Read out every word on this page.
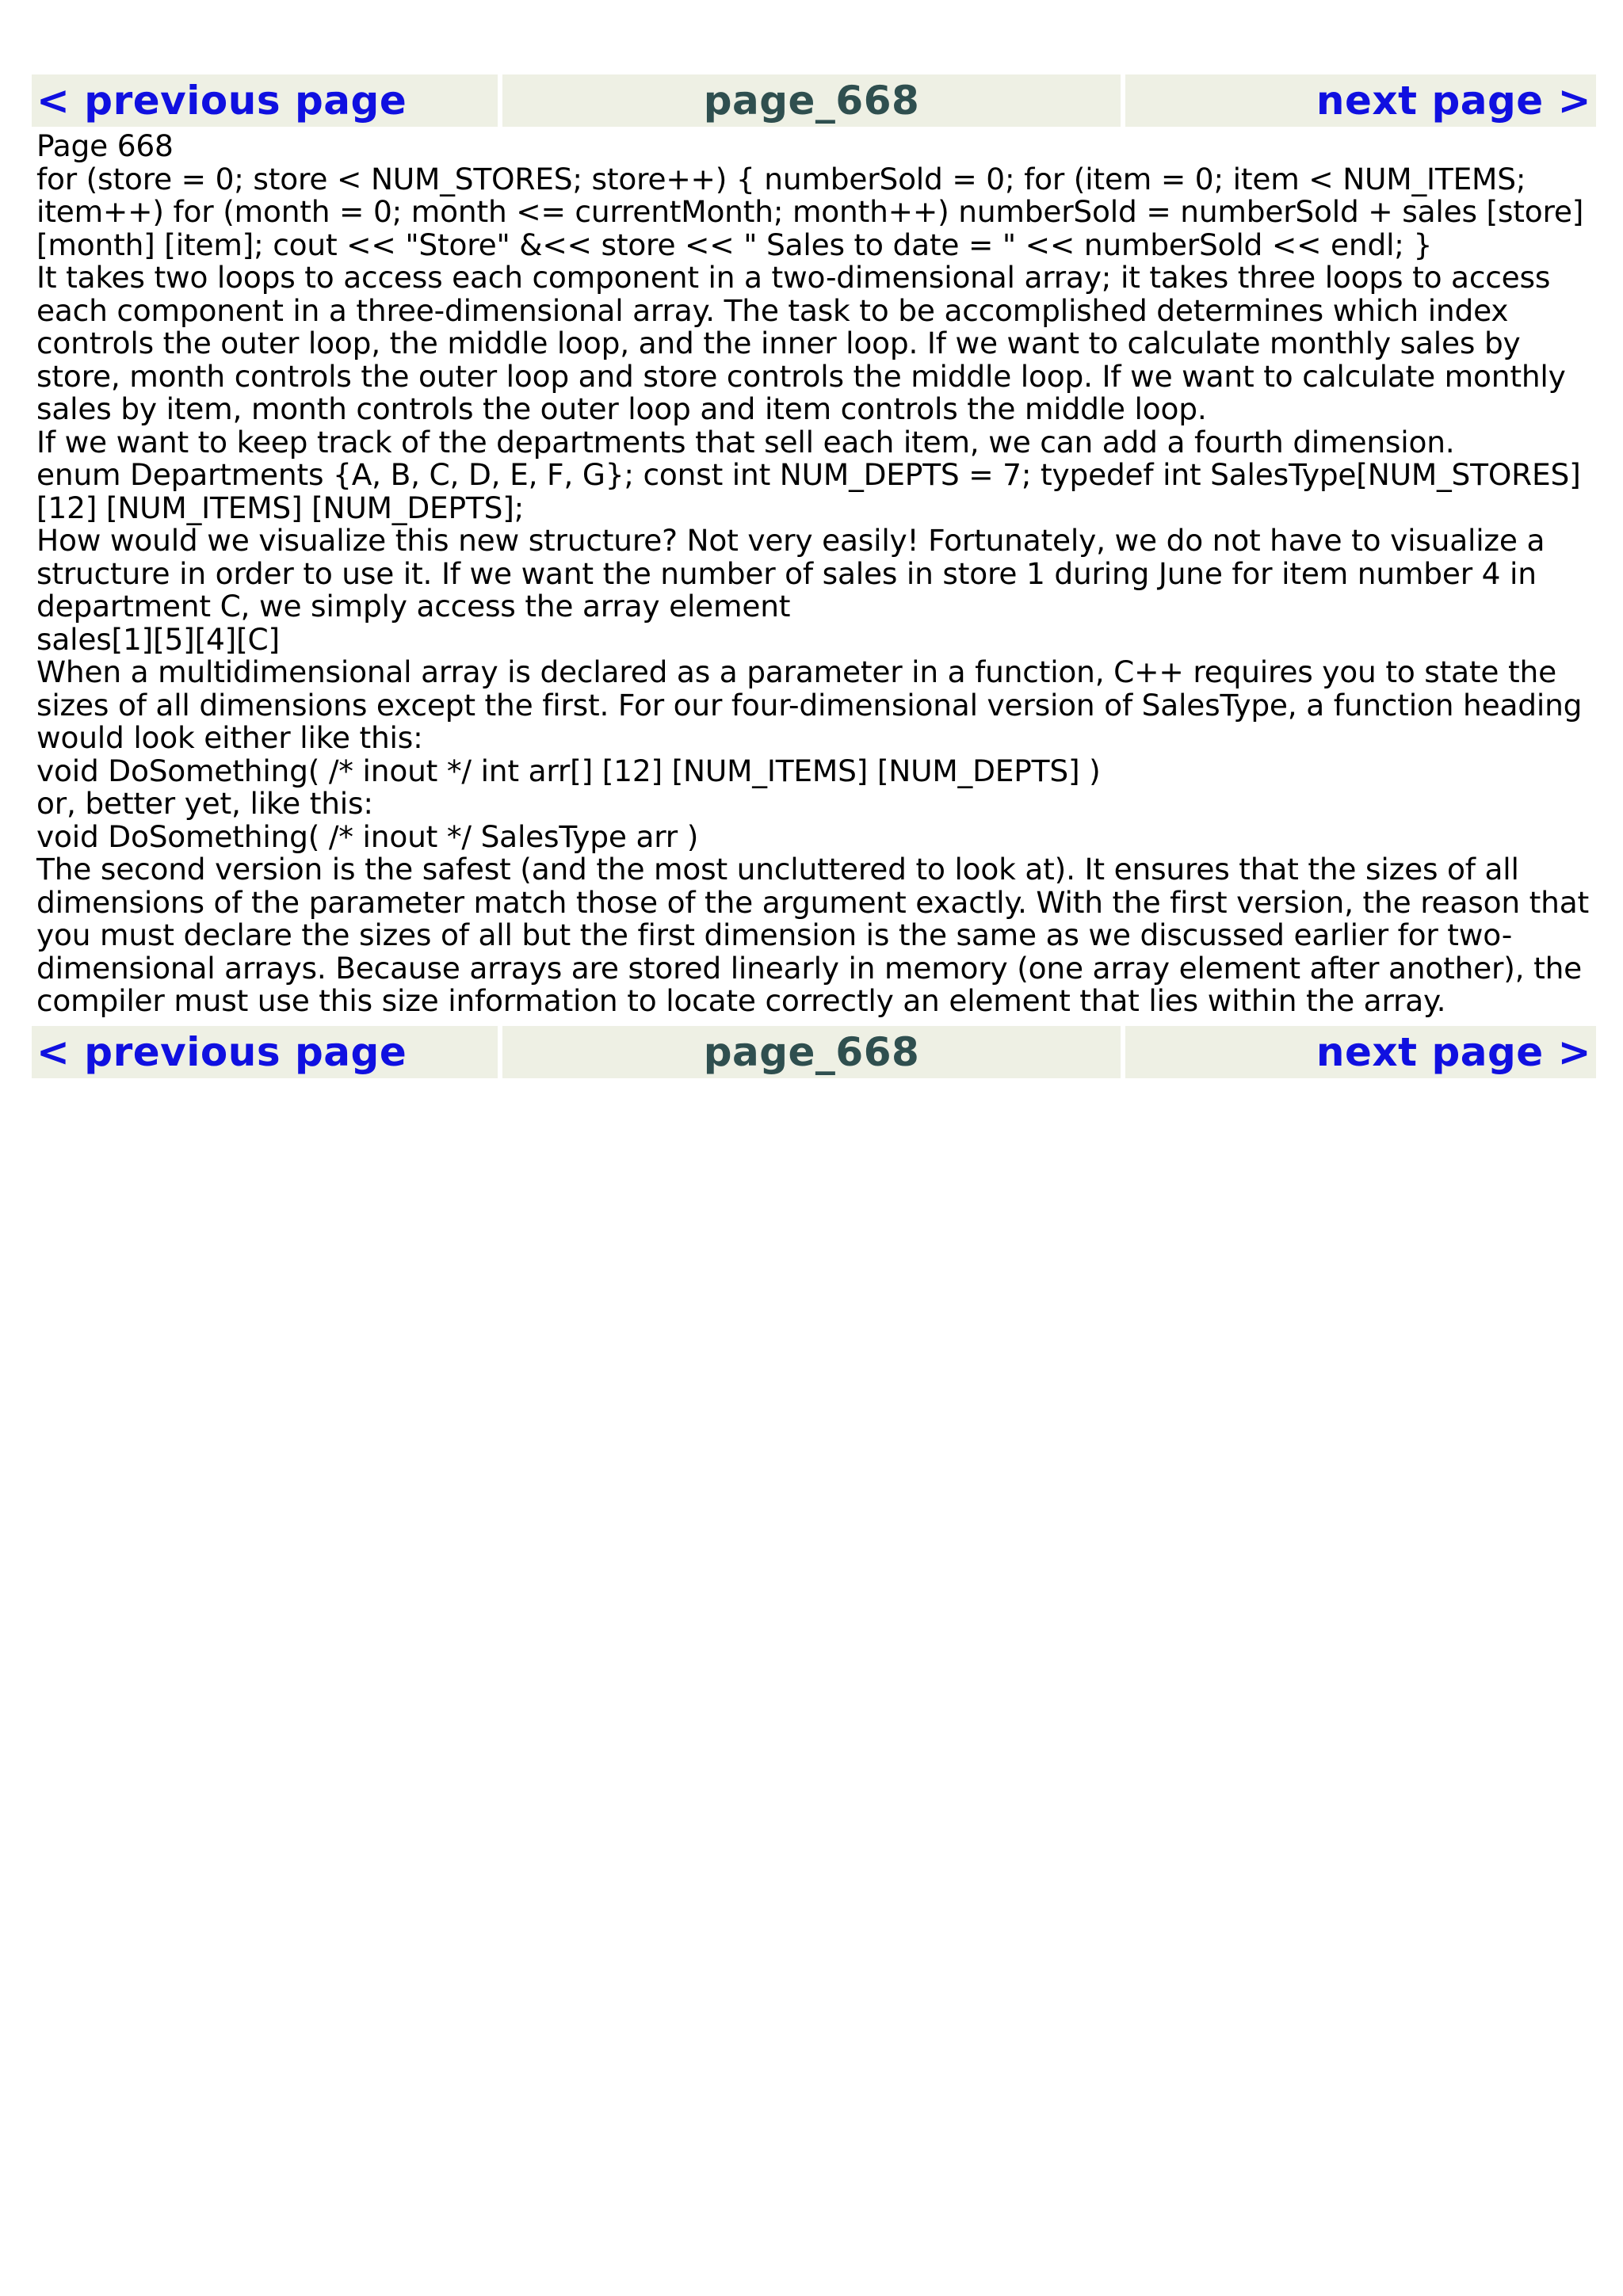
< previous page	page_668	next page >

Page 668

for (store = 0; store < NUM_STORES; store++) { numberSold = 0; for (item = 0; item < NUM_ITEMS; item++) for (month = 0; month <= currentMonth; month++) numberSold = numberSold + sales [store] [month] [item]; cout << "Store" &<< store << " Sales to date = " << numberSold << endl; }

It takes two loops to access each component in a two-dimensional array; it takes three loops to access each component in a three-dimensional array. The task to be accomplished determines which index controls the outer loop, the middle loop, and the inner loop. If we want to calculate monthly sales by store, month controls the outer loop and store controls the middle loop. If we want to calculate monthly sales by item, month controls the outer loop and item controls the middle loop.

If we want to keep track of the departments that sell each item, we can add a fourth dimension.

enum Departments {A, B, C, D, E, F, G}; const int NUM_DEPTS = 7; typedef int SalesType[NUM_STORES] [12] [NUM_ITEMS] [NUM_DEPTS];

How would we visualize this new structure? Not very easily! Fortunately, we do not have to visualize a structure in order to use it. If we want the number of sales in store 1 during June for item number 4 in department C, we simply access the array element

sales[1][5][4][C]

When a multidimensional array is declared as a parameter in a function, C++ requires you to state the sizes of all dimensions except the first. For our four-dimensional version of SalesType, a function heading would look either like this:

void DoSomething( /* inout */ int arr[] [12] [NUM_ITEMS] [NUM_DEPTS] )

or, better yet, like this:

void DoSomething( /* inout */ SalesType arr )

The second version is the safest (and the most uncluttered to look at). It ensures that the sizes of all dimensions of the parameter match those of the argument exactly. With the first version, the reason that you must declare the sizes of all but the first dimension is the same as we discussed earlier for two-dimensional arrays. Because arrays are stored linearly in memory (one array element after another), the compiler must use this size information to locate correctly an element that lies within the array.

< previous page	page_668	next page >
